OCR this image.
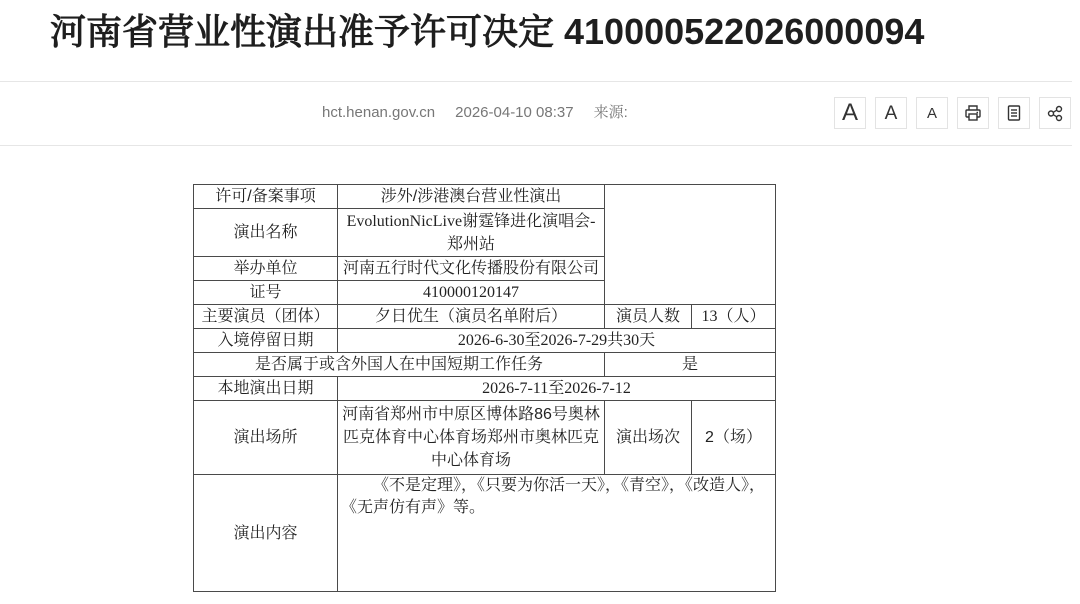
河南省营业性演出准予许可决定 410000522026000094
hct.henan.gov.cn 2026-04-10 08:37 来源:	A A A
许可/备案事项	涉外/涉港澳台营业性演出		
演出名称	EvolutionNicLive谢霆锋进化演唱会-郑州站		
举办单位	河南五行时代文化传播股份有限公司		
证号	410000120147		
主要演员（团体）	夕日优生（演员名单附后）	演员人数	13（人）
入境停留日期	2026-6-30至2026-7-29共30天		
是否属于或含外国人在中国短期工作任务		是	
本地演出日期	2026-7-11至2026-7-12		
演出场所	河南省郑州市中原区博体路86号奥林匹克体育中心体育场郑州市奥林匹克中心体育场	演出场次	2（场）
演出内容	《不是定理》，《只要为你活一天》，《青空》，《改造人》，《无声仿有声》等。		
